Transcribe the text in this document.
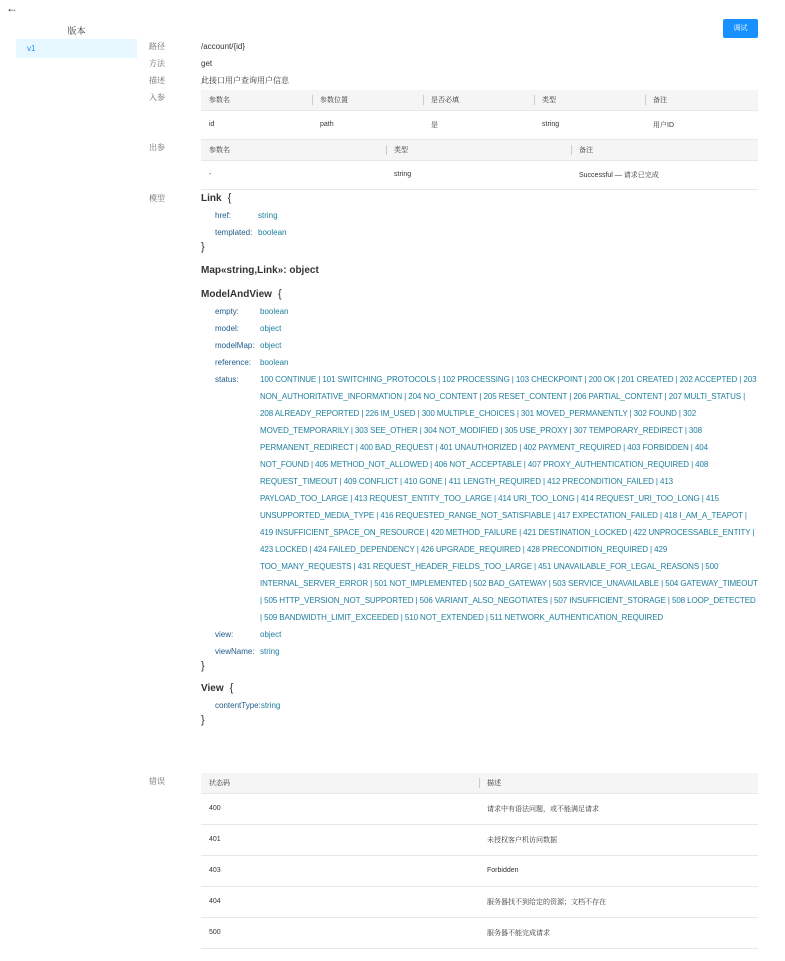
←
版本
v1
调试
路径	/account/{id}
方法	get
描述	此接口用户查询用户信息
入参	参数名	参数位置	是否必填	类型	备注
id	path	是	string	用户ID
出参	参数名	类型	备注
-	string	Successful — 请求已完成
模型	Link {
href:	string
templated: boolean
}
Map«string,Link»: object
ModelAndView {
empty:	boolean
model:	object
modelMap: object
reference:	boolean
status:	100 CONTINUE | 101 SWITCHING_PROTOCOLS | 102 PROCESSING | 103 CHECKPOINT | 200 OK | 201 CREATED | 202 ACCEPTED | 203 NON_AUTHORITATIVE_INFORMATION | 204 NO_CONTENT | 205 RESET_CONTENT | 206 PARTIAL_CONTENT | 207 MULTI_STATUS | 208 ALREADY_REPORTED | 226 IM_USED | 300 MULTIPLE_CHOICES | 301 MOVED_PERMANENTLY | 302 FOUND | 302 MOVED_TEMPORARILY | 303 SEE_OTHER | 304 NOT_MODIFIED | 305 USE_PROXY | 307 TEMPORARY_REDIRECT | 308 PERMANENT_REDIRECT | 400 BAD_REQUEST | 401 UNAUTHORIZED | 402 PAYMENT_REQUIRED | 403 FORBIDDEN | 404 NOT_FOUND | 405 METHOD_NOT_ALLOWED | 406 NOT_ACCEPTABLE | 407 PROXY_AUTHENTICATION_REQUIRED | 408 REQUEST_TIMEOUT | 409 CONFLICT | 410 GONE | 411 LENGTH_REQUIRED | 412 PRECONDITION_FAILED | 413 PAYLOAD_TOO_LARGE | 413 REQUEST_ENTITY_TOO_LARGE | 414 URI_TOO_LONG | 414 REQUEST_URI_TOO_LONG | 415 UNSUPPORTED_MEDIA_TYPE | 416 REQUESTED_RANGE_NOT_SATISFIABLE | 417 EXPECTATION_FAILED | 418 I_AM_A_TEAPOT | 419 INSUFFICIENT_SPACE_ON_RESOURCE | 420 METHOD_FAILURE | 421 DESTINATION_LOCKED | 422 UNPROCESSABLE_ENTITY | 423 LOCKED | 424 FAILED_DEPENDENCY | 426 UPGRADE_REQUIRED | 428 PRECONDITION_REQUIRED | 429 TOO_MANY_REQUESTS | 431 REQUEST_HEADER_FIELDS_TOO_LARGE | 451 UNAVAILABLE_FOR_LEGAL_REASONS | 500 INTERNAL_SERVER_ERROR | 501 NOT_IMPLEMENTED | 502 BAD_GATEWAY | 503 SERVICE_UNAVAILABLE | 504 GATEWAY_TIMEOUT | 505 HTTP_VERSION_NOT_SUPPORTED | 506 VARIANT_ALSO_NEGOTIATES | 507 INSUFFICIENT_STORAGE | 508 LOOP_DETECTED | 509 BANDWIDTH_LIMIT_EXCEEDED | 510 NOT_EXTENDED | 511 NETWORK_AUTHENTICATION_REQUIRED
view:	object
viewName: string
}
View {
contentType: string
}
错误	状态码	描述
400	请求中有语法问题，或不能满足请求
401	未授权客户机访问数据
403	Forbidden
404	服务器找不到给定的资源；文档不存在
500	服务器不能完成请求
